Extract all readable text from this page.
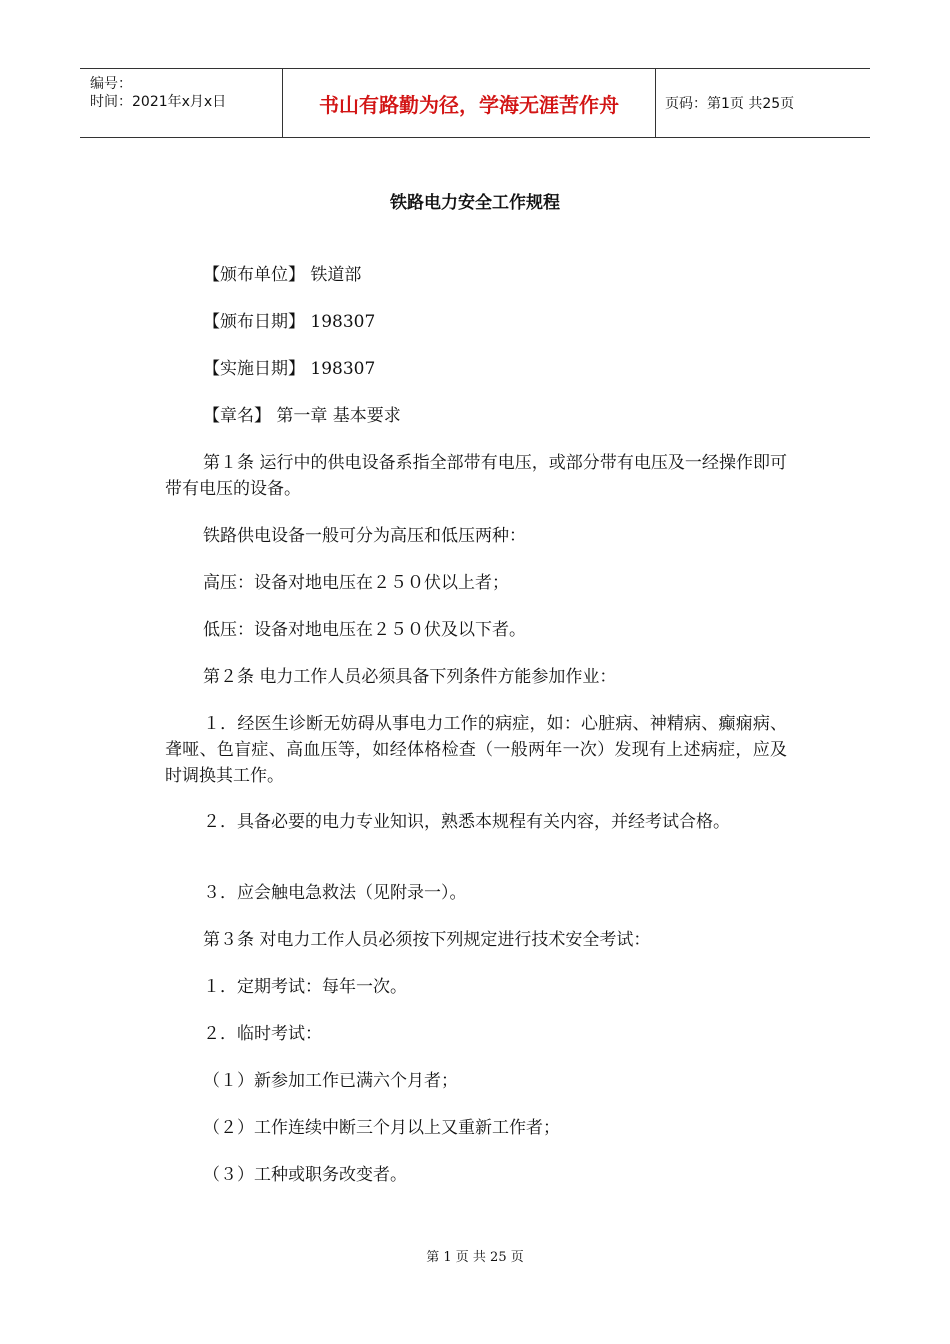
编号：
时间：2021年x月x日	书山有路勤为径，学海无涯苦作舟	页码：第1页 共25页
铁路电力安全工作规程
【颁布单位】 铁道部
【颁布日期】 198307
【实施日期】 198307
【章名】 第一章 基本要求
第１条 运行中的供电设备系指全部带有电压，或部分带有电压及一经操作即可带有电压的设备。
铁路供电设备一般可分为高压和低压两种：
高压：设备对地电压在２５０伏以上者；
低压：设备对地电压在２５０伏及以下者。
第２条 电力工作人员必须具备下列条件方能参加作业：
１．经医生诊断无妨碍从事电力工作的病症，如：心脏病、神精病、癫痫病、聋哑、色盲症、高血压等，如经体格检查（一般两年一次）发现有上述病症，应及时调换其工作。
２．具备必要的电力专业知识，熟悉本规程有关内容，并经考试合格。
３．应会触电急救法（见附录一）。
第３条 对电力工作人员必须按下列规定进行技术安全考试：
１．定期考试：每年一次。
２．临时考试：
（１）新参加工作已满六个月者；
（２）工作连续中断三个月以上又重新工作者；
（３）工种或职务改变者。
第 1 页 共 25 页
